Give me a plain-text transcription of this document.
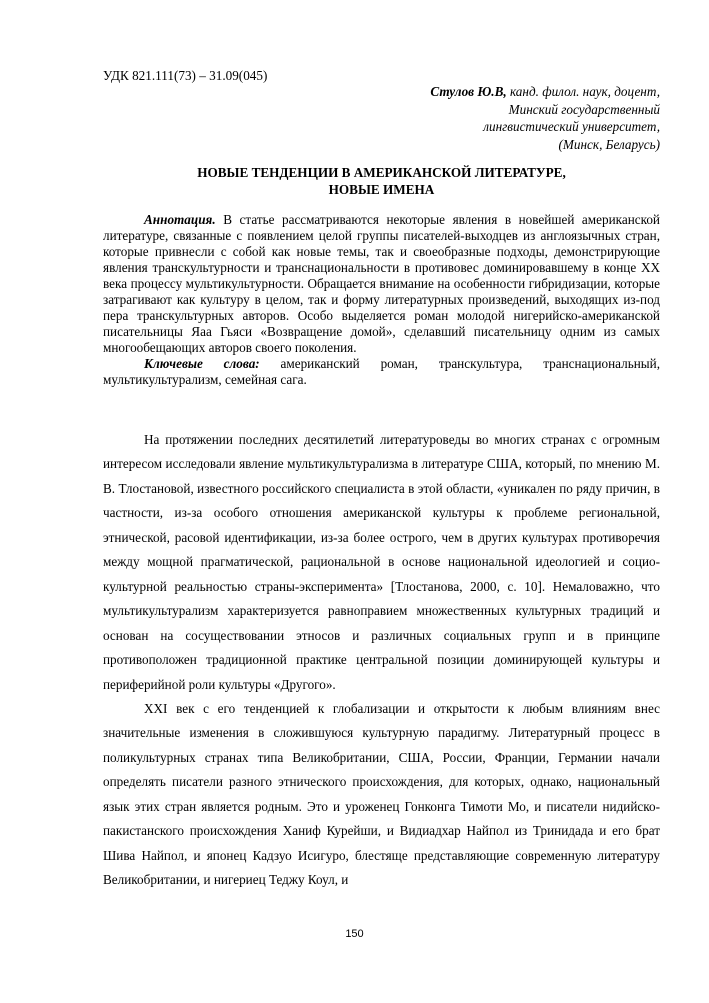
УДК 821.111(73) – 31.09(045)
Стулов Ю.В, канд. филол. наук, доцент,
Минский государственный
лингвистический университет,
(Минск, Беларусь)
НОВЫЕ ТЕНДЕНЦИИ В АМЕРИКАНСКОЙ ЛИТЕРАТУРЕ,
НОВЫЕ ИМЕНА

Аннотация. В статье рассматриваются некоторые явления в новейшей американской литературе, связанные с появлением целой группы писателей-выходцев из англоязычных стран, которые привнесли с собой как новые темы, так и своеобразные подходы, демонстрирующие явления транскультурности и транснациональности в противовес доминировавшему в конце XX века процессу мультикультурности. Обращается внимание на особенности гибридизации, которые затрагивают как культуру в целом, так и форму литературных произведений, выходящих из-под пера транскультурных авторов. Особо выделяется роман молодой нигерийско-американской писательницы Яаа Гьяси «Возвращение домой», сделавший писательницу одним из самых многообещающих авторов своего поколения.

Ключевые слова: американский роман, транскультура, транснациональный, мультикультурализм, семейная сага.

На протяжении последних десятилетий литературоведы во многих странах с огромным интересом исследовали явление мультикультурализма в литературе США, который, по мнению М. В. Тлостановой, известного российского специалиста в этой области, «уникален по ряду причин, в частности, из-за особого отношения американской культуры к проблеме региональной, этнической, расовой идентификации, из-за более острого, чем в других культурах противоречия между мощной прагматической, рациональной в основе национальной идеологией и социо-культурной реальностью страны-эксперимента» [Тлостанова, 2000, с. 10]. Немаловажно, что мультикультурализм характеризуется равноправием множественных культурных традиций и основан на сосуществовании этносов и различных социальных групп и в принципе противоположен традиционной практике центральной позиции доминирующей культуры и периферийной роли культуры «Другого».

XXI век с его тенденцией к глобализации и открытости к любым влияниям внес значительные изменения в сложившуюся культурную парадигму. Литературный процесс в поликультурных странах типа Великобритании, США, России, Франции, Германии начали определять писатели разного этнического происхождения, для которых, однако, национальный язык этих стран является родным. Это и уроженец Гонконга Тимоти Мо, и писатели нидийско-пакистанского происхождения Ханиф Курейши, и Видиадхар Найпол из Тринидада и его брат Шива Найпол, и японец Кадзуо Исигуро, блестяще представляющие современную литературу Великобритании, и нигериец Теджу Коул, и

150
